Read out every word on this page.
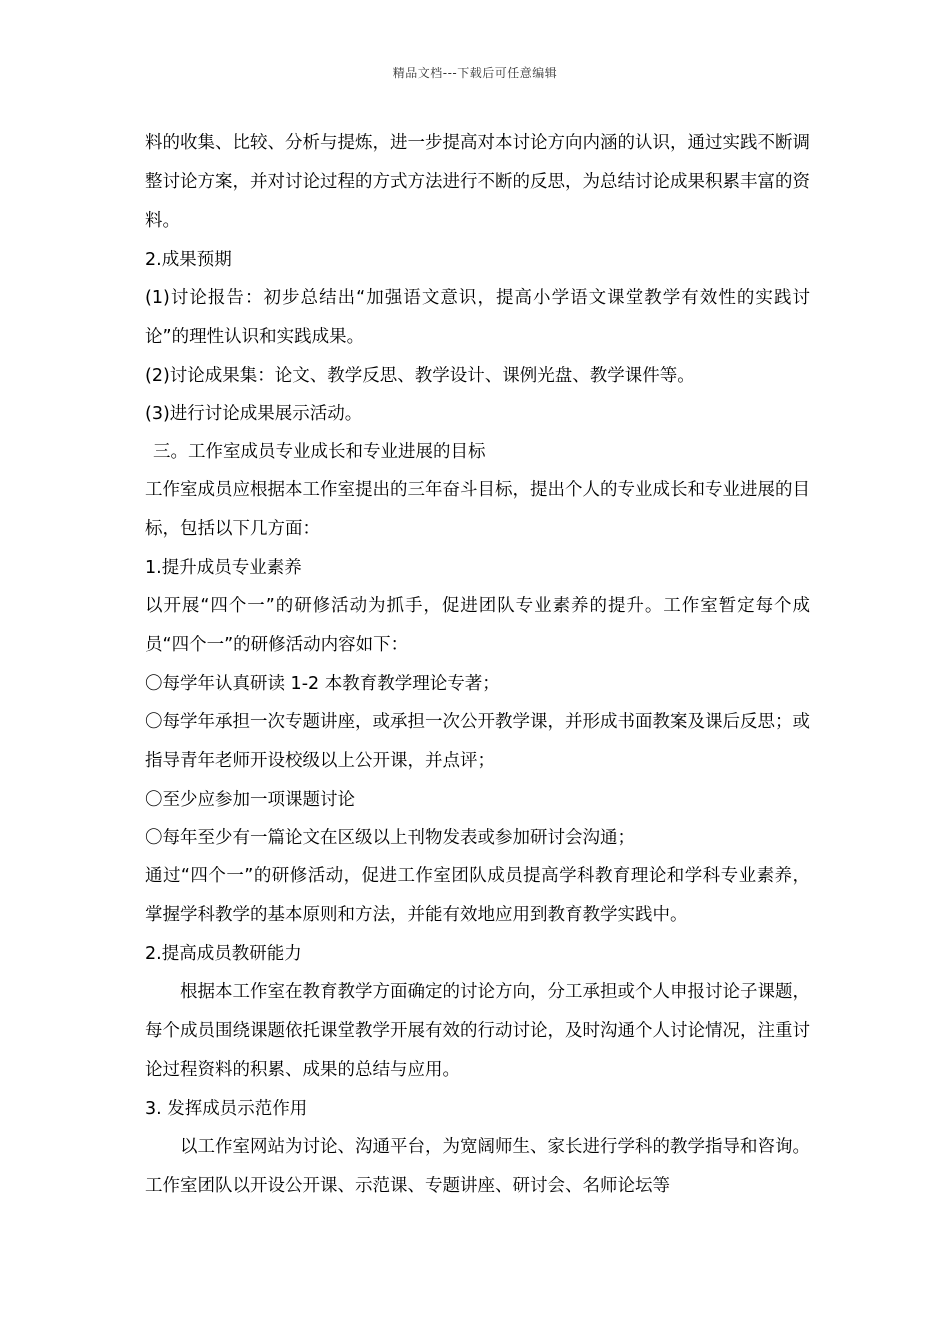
精品文档---下载后可任意编辑

料的收集、比较、分析与提炼，进一步提高对本讨论方向内涵的认识，通过实践不断调整讨论方案，并对讨论过程的方式方法进行不断的反思，为总结讨论成果积累丰富的资料。

2.成果预期

(1)讨论报告：初步总结出“加强语文意识，提高小学语文课堂教学有效性的实践讨论”的理性认识和实践成果。

(2)讨论成果集：论文、教学反思、教学设计、课例光盘、教学课件等。

(3)进行讨论成果展示活动。

三。工作室成员专业成长和专业进展的目标

工作室成员应根据本工作室提出的三年奋斗目标，提出个人的专业成长和专业进展的目标，包括以下几方面：

1.提升成员专业素养

以开展“四个一”的研修活动为抓手，促进团队专业素养的提升。工作室暂定每个成员“四个一”的研修活动内容如下：

〇每学年认真研读 1-2 本教育教学理论专著；

〇每学年承担一次专题讲座，或承担一次公开教学课，并形成书面教案及课后反思；或指导青年老师开设校级以上公开课，并点评；

〇至少应参加一项课题讨论

〇每年至少有一篇论文在区级以上刊物发表或参加研讨会沟通；

通过“四个一”的研修活动，促进工作室团队成员提高学科教育理论和学科专业素养，掌握学科教学的基本原则和方法，并能有效地应用到教育教学实践中。

2.提高成员教研能力

根据本工作室在教育教学方面确定的讨论方向，分工承担或个人申报讨论子课题，每个成员围绕课题依托课堂教学开展有效的行动讨论，及时沟通个人讨论情况，注重讨论过程资料的积累、成果的总结与应用。

3. 发挥成员示范作用

以工作室网站为讨论、沟通平台，为宽阔师生、家长进行学科的教学指导和咨询。工作室团队以开设公开课、示范课、专题讲座、研讨会、名师论坛等
